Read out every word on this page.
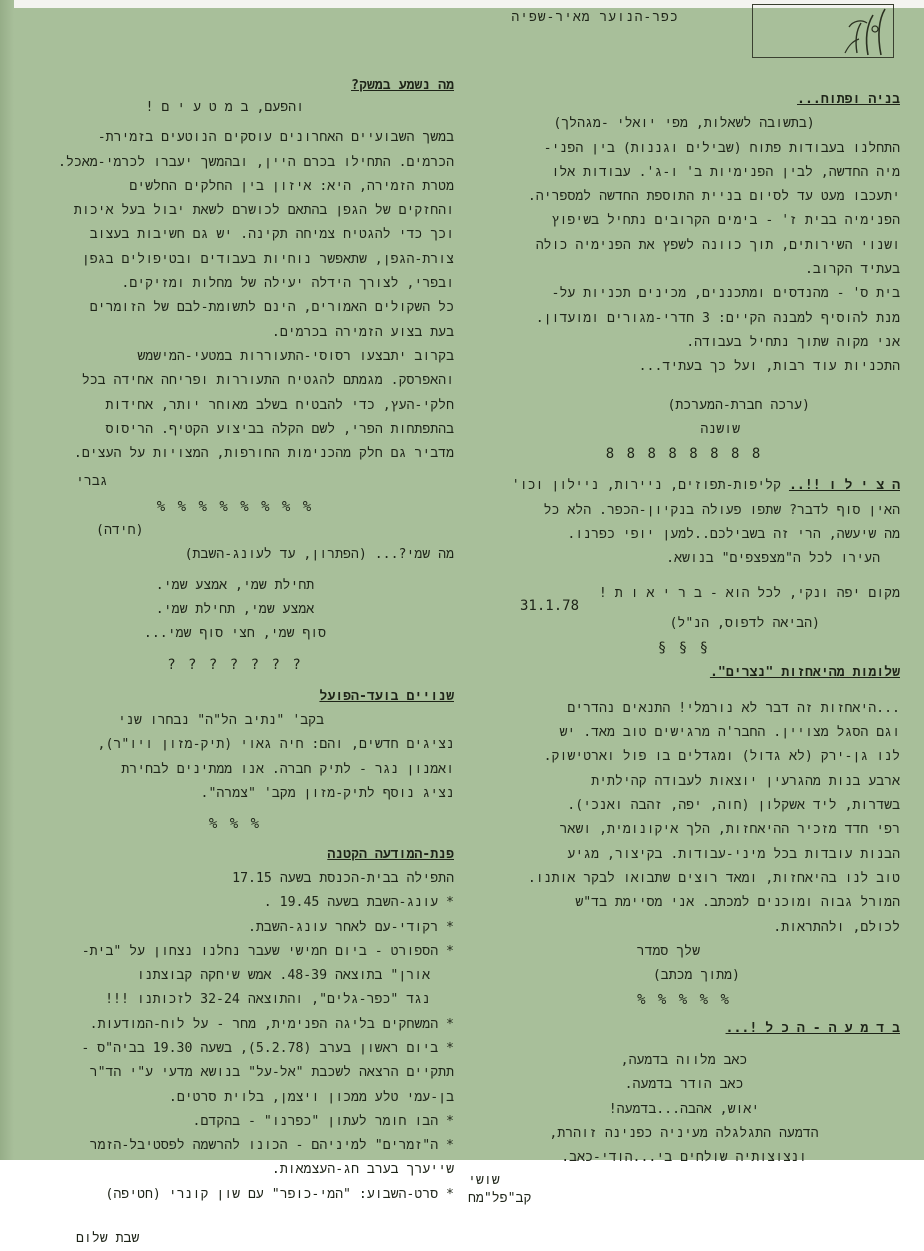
כפר-הנוער מאיר-שפיה

בניה ופתוח...

(בתשובה לשאלות, מפי יואלי -מגהלך)

התחלנו בעבודות פתוח (שבילים וגננות) בין הפני-

מיה החדשה, לבין הפנימיות ב' ו-ג'. עבודות אלו

יתעכבו מעט עד לסיום בניית התוספת החדשה למספריה.

הפנימיה בבית ז' - בימים הקרובים נתחיל בשיפוץ

ושנוי השירותים, תוך כוונה לשפץ את הפנימיה כולה

בעתיד הקרוב.

בית ס' - מהנדסים ומתכננים, מכינים תכניות על-

מנת להוסיף למבנה הקיים: 3 חדרי-מגורים ומועדון.

אני מקוה שתוך נתחיל בעבודה.

התכניות עוד רבות, ועל כך בעתיד...

(ערכה חברת-המערכת)

שושנה

8 8 8 8 8 8 8 8

ה צ י ל ו !!.. קליפות-תפוזים, ניירות, ניילון וכו'

האין סוף לדבר? שתפו פעולה בנקיון-הכפר. הלא כל

מה שיעשה, הרי זה בשבילכם..למען יופי כפרנו.

העירו לכל ה"מצפצפים" בנושא.

מקום יפה ונקי, לכל הוא - ב ר י א ו ת !

(הביאה לדפוס, הנ"ל)

§ § §

שלומות מהיאחזות "נצרים".

...היאחזות זה דבר לא נורמלי! התנאים נהדרים

וגם הסגל מצויין. החבר'ה מרגישים טוב מאד. יש

לנו גן-ירק (לא גדול) ומגדלים בו פול וארטישוק.

ארבע בנות מהגרעין יוצאות לעבודה קהילתית

בשדרות, ליד אשקלון (חוה, יפה, זהבה ואנכי).

רפי חדד מזכיר ההיאחזות, הלך איקונומית, ושאר

הבנות עובדות בכל מיני-עבודות. בקיצור, מגיע

טוב לנו בהיאחזות, ומאד רוצים שתבואו לבקר אותנו.

המורל גבוה ומוכנים למכתב. אני מסיימת בד"ש

לכולם, ולהתראות.

שלך סמדר

(מתוך מכתב)

% % % % %

ב ד מ ע ה - ה כ ל !...

כאב מלווה בדמעה,

כאב הודר בדמעה.

יאוש, אהבה...בדמעה!

הדמעה התגלגלה מעיניה כפנינה זוהרת,

ונצוצותיה שולחים בי...הודי-כאב.

שושי

קב"פל"מח

31.1.78

מה נשמע במשק?

והפעם, ב מ ט ע י ם !

במשך השבועיים האחרונים עוסקים הנוטעים בזמירת-

הכרמים. התחילו בכרם היין, ובהמשך יעברו לכרמי-מאכל.

מטרת הזמירה, היא: איזון בין החלקים החלשים

והחזקים של הגפן בהתאם לכושרם לשאת יבול בעל איכות

וכך כדי להגטיח צמיחה תקינה. יש גם חשיבות בעצוב

צורת-הגפן, שתאפשר נוחיות בעבודים ובטיפולים בגפן

ובפרי, לצורך הידלה יעילה של מחלות ומזיקים.

כל השקולים האמורים, הינם לתשומת-לבם של הזומרים

בעת בצוע הזמירה בכרמים.

בקרוב יתבצעו רסוסי-התעוררות במטעי-המישמש

והאפרסק. מגמתם להגטיח התעוררות ופריחה אחידה בכל

חלקי-העץ, כדי להבטיח בשלב מאוחר יותר, אחידות

בהתפתחות הפרי, לשם הקלה בביצוע הקטיף. הריסוס

מדביר גם חלק מהכנימות החורפות, המצויות על העצים.

גברי

% % % % % % % %

(חידה)

מה שמי?... (הפתרון, עד לעונג-השבת)

תחילת שמי, אמצע שמי.

אמצע שמי, תחילת שמי.

סוף שמי, חצי סוף שמי...

? ? ? ? ? ? ?

שנויים בועד-הפועל

בקב' "נתיב הל"ה" נבחרו שני

נציגים חדשים, והם: חיה גאוי (תיק-מזון ויו"ר),

ואמנון נגר - לתיק חברה. אנו ממתינים לבחירת

נציג נוסף לתיק-מזון מקב' "צמרה".

% % %

פנת-המודעה הקטנה

התפילה בבית-הכנסת בשעה 17.15

* עונג-השבת בשעה 19.45 .

* רקודי-עם לאחר עונג-השבת.

* הספורט - ביום חמישי שעבר נחלנו נצחון על "בית-

אורן" בתוצאה 48-39. אמש שיחקה קבוצתנו

נגד "כפר-גלים", והתוצאה 32-24 לזכותנו !!!

* המשחקים בליגה הפנימית, מחר - על לוח-המודעות.

* ביום ראשון בערב (5.2.78), בשעה 19.30 בביה"ס -

תתקיים הרצאה לשכבת "אל-על" בנושא מדעי ע"י הד"ר

בן-עמי טלע ממכון ויצמן, בלוית סרטים.

* הבו חומר לעתון "כפרנו" - בהקדם.

* ה"זמרים" למיניהם - הכונו להרשמה לפסטיבל-הזמר

שייערך בערב חג-העצמאות.

* סרט-השבוע: "המי-כופר" עם שון קונרי (חטיפה)

שבת שלום
